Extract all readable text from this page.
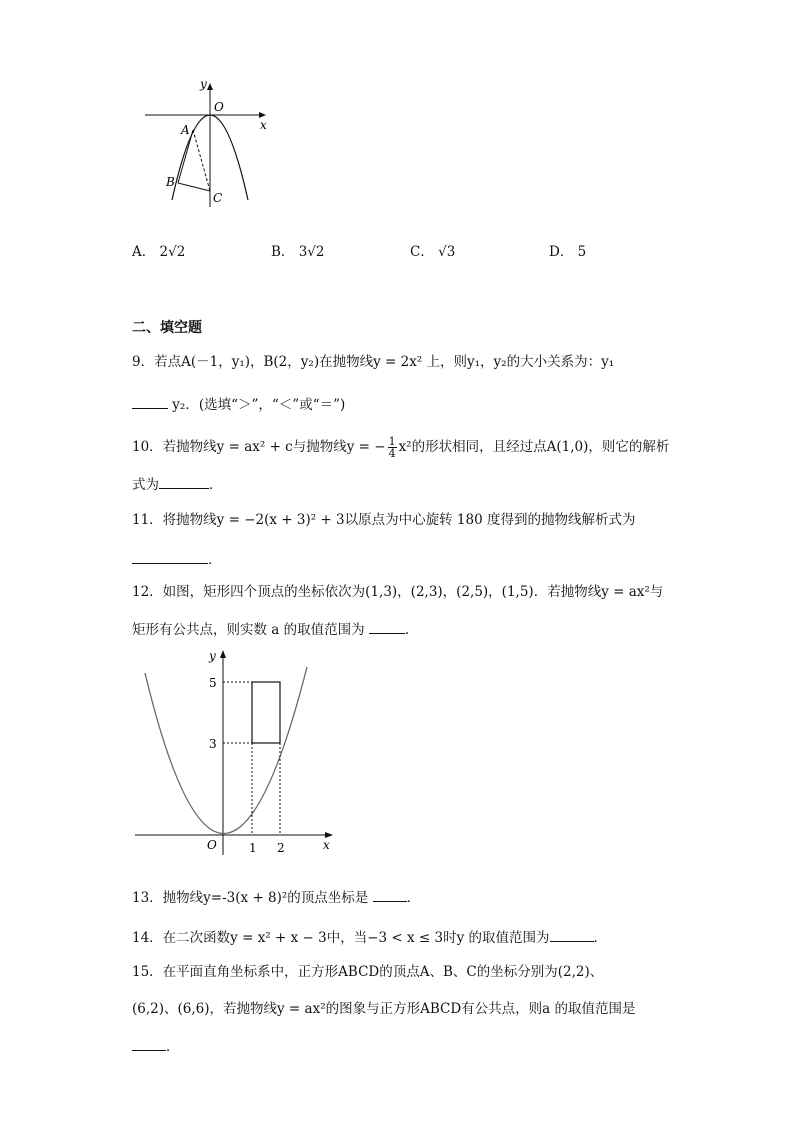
y
O
x
A
B
C
A． 2√2	B． 3√2	C． √3	D． 5
二、填空题
9．若点A(－1，y₁)，B(2，y₂)在抛物线y = 2x² 上，则y₁，y₂的大小关系为：y₁
y₂．(选填“＞”，“＜”或“＝”)
10．若抛物线y = ax² + c与抛物线y = − $\frac{1}{4} x^2$的形状相同，且经过点A(1,0)，则它的解析
式为	．
11．将抛物线y = −2(x + 3)² + 3以原点为中心旋转 180 度得到的抛物线解析式为
．
12．如图，矩形四个顶点的坐标依次为(1,3)，(2,3)，(2,5)，(1,5)．若抛物线y = ax²与
矩形有公共点，则实数 a 的取值范围为	．
y
5
3
O	1 2	x
13．抛物线y=-3(x + 8)²的顶点坐标是	．
14．在二次函数y = x² + x − 3中，当−3 < x ≤ 3时y 的取值范围为	．
15．在平面直角坐标系中，正方形ABCD的顶点A、B、C的坐标分别为(2,2)、
(6,2)、(6,6)，若抛物线y = ax²的图象与正方形ABCD有公共点，则a 的取值范围是
．
